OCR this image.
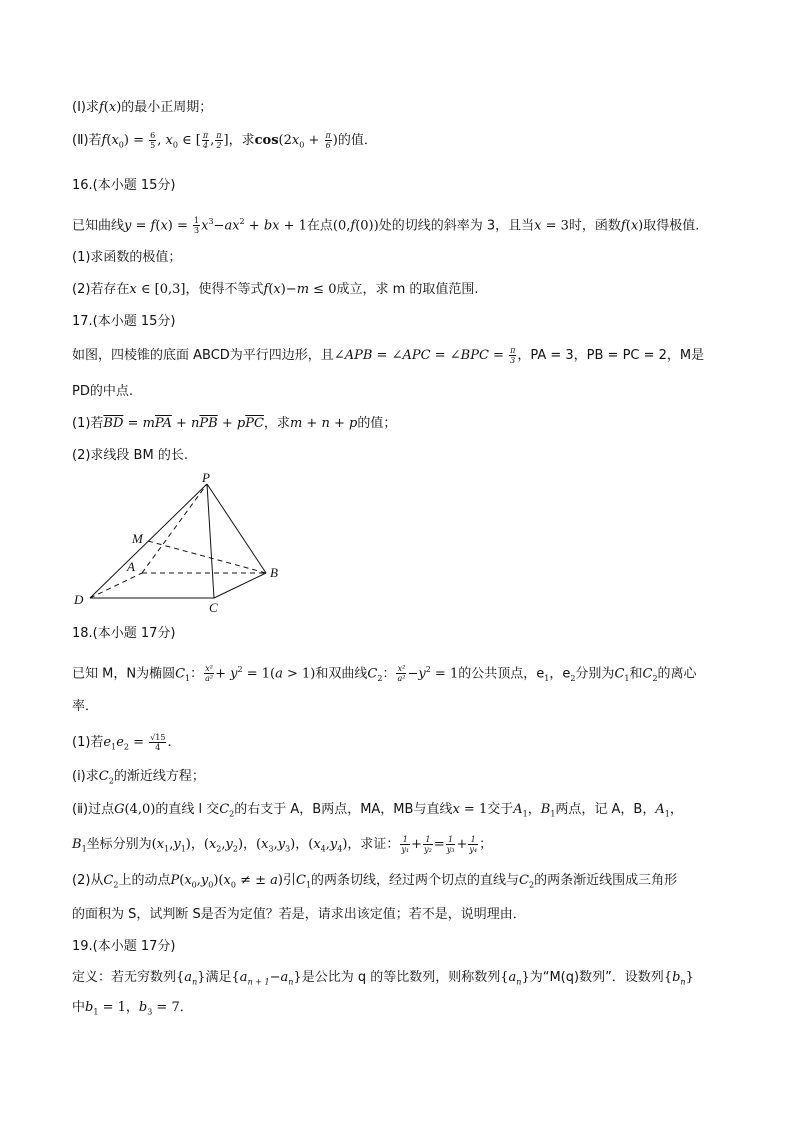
(Ⅰ)求f(x)的最小正周期；
(Ⅱ)若$f(x_0) = \frac{6}{5}$ , $x_0$ ∈ [ $\frac{\pi}{4}$ , $\frac{\pi}{2}$ ]，求$\cos(2x_0 + \frac{\pi}{6}$ )的值．
16.(本小题 15分)
已知曲线$y = f(x) = \frac{1}{3} x^3-ax^2$ + bx + 1在点(0,f(0))处的切线的斜率为 3，且当x = 3时，函数f(x)取得极值.
(1)求函数的极值；
(2)若存在x ∈ [0,3]，使得不等式f(x)−m ≤ 0成立，求 m 的取值范围.
17.(本小题 15分)
如图，四棱锥的底面 ABCD为平行四边形，且∠APB = ∠APC = ∠BPC = $\frac{\pi}{3}$ ，PA = 3，PB = PC = 2，M是
PD的中点.
(1)若$\overline{BD} = m\overline{PA} + n\overline{PB} + p\overline{PC}$，求m + n + p的值；
(2)求线段 BM 的长.
P
M
A	B
D
C
18.(本小题 17分)
已知 M，N为椭圆$C_1$： $\frac{\text{x²}}{\text{a²}} + y^2 = 1(a > 1)$和双曲线$C_2$： $\frac{\text{x²}}{\text{a²}} -y^2 = 1$的公共顶点，$e_1$，$e_2$分别为$C_1$和$C_2$的离心
率．
(1)若$e_1e_2 = \frac{√15}{4}$ .
(ⅰ)求$C_2$的渐近线方程；
(ⅱ)过点G(4,0)的直线 l 交$C_2$的右支于 A，B两点，MA，MB与直线x = 1交于$A_1$，$B_1$两点，记 A，B，$A_1$，
$B_1$坐标分别为$(x_1,y_1)$，$(x_2,y_2)$，$(x_3,y_3)$，$(x_4,y_4)$，求证： $\frac{1}{\text{y₁}} + \frac{1}{\text{y₂}} = \frac{1}{\text{y₃}} + \frac{1}{\text{y₄}}$ ；
(2)从$C_2$上的动点$P(x_0,y_0)(x_0$ ≠ ± a)引$C_1$的两条切线，经过两个切点的直线与$C_2$的两条渐近线围成三角形
的面积为 S，试判断 S是否为定值？若是，请求出该定值；若不是，说明理由．
19.(本小题 17分)
定义：若无穷数列$\{a_n\}$满足$\{a_{n + 1}-a_n\}$是公比为 q 的等比数列，则称数列$\{a_n\}$为“M(q)数列”．设数列$\{b_n\}$
中$b_1 = 1$，$b_3 = 7$．
